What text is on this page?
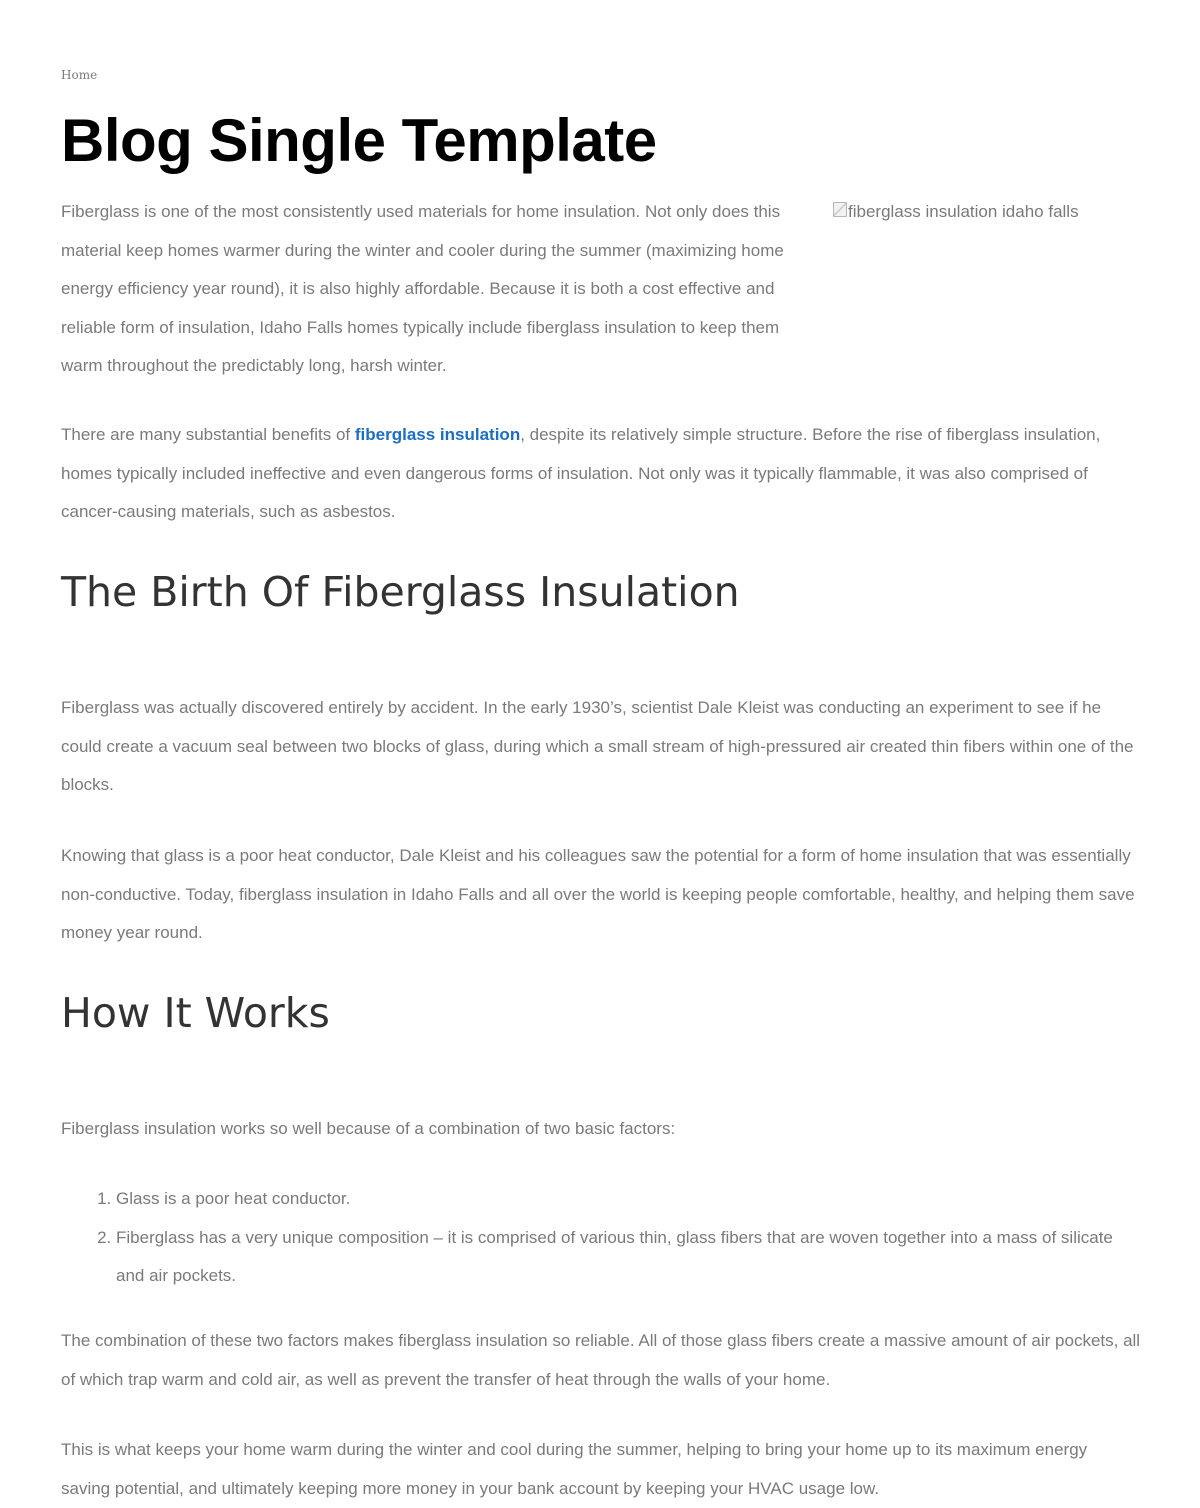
Home
Blog Single Template

Fiberglass is one of the most consistently used materials for home insulation. Not only does this material keep homes warmer during the winter and cooler during the summer (maximizing home energy efficiency year round), it is also highly affordable. Because it is both a cost effective and reliable form of insulation, Idaho Falls homes typically include fiberglass insulation to keep them warm throughout the predictably long, harsh winter.

fiberglass insulation idaho falls

There are many substantial benefits of fiberglass insulation, despite its relatively simple structure. Before the rise of fiberglass insulation, homes typically included ineffective and even dangerous forms of insulation. Not only was it typically flammable, it was also comprised of cancer-causing materials, such as asbestos.

The Birth Of Fiberglass Insulation

Fiberglass was actually discovered entirely by accident. In the early 1930’s, scientist Dale Kleist was conducting an experiment to see if he could create a vacuum seal between two blocks of glass, during which a small stream of high-pressured air created thin fibers within one of the blocks.

Knowing that glass is a poor heat conductor, Dale Kleist and his colleagues saw the potential for a form of home insulation that was essentially non-conductive. Today, fiberglass insulation in Idaho Falls and all over the world is keeping people comfortable, healthy, and helping them save money year round.

How It Works

Fiberglass insulation works so well because of a combination of two basic factors:

1. Glass is a poor heat conductor.
2. Fiberglass has a very unique composition – it is comprised of various thin, glass fibers that are woven together into a mass of silicate and air pockets.

The combination of these two factors makes fiberglass insulation so reliable. All of those glass fibers create a massive amount of air pockets, all of which trap warm and cold air, as well as prevent the transfer of heat through the walls of your home.

This is what keeps your home warm during the winter and cool during the summer, helping to bring your home up to its maximum energy saving potential, and ultimately keeping more money in your bank account by keeping your HVAC usage low.
